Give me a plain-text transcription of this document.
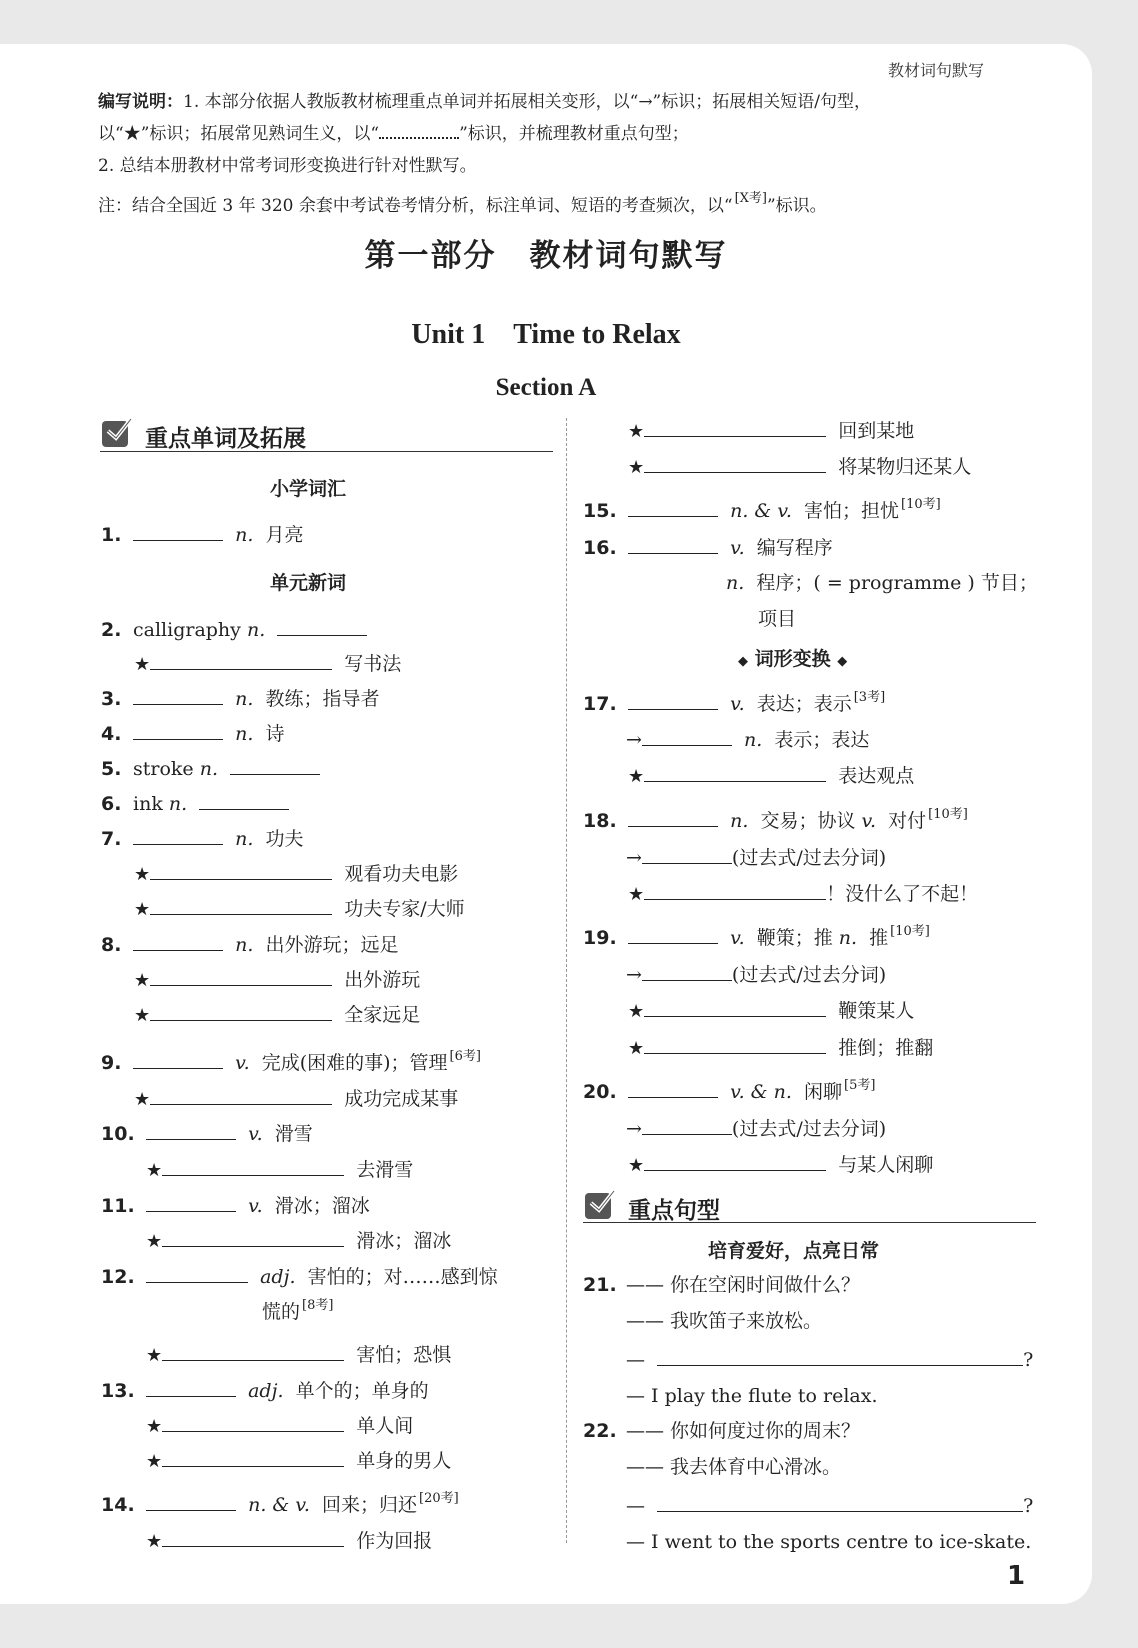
教材词句默写
编写说明：1. 本部分依据人教版教材梳理重点单词并拓展相关变形，以“→”标识；拓展相关短语/句型，
以“★”标识；拓展常见熟词生义，以“	”标识，并梳理教材重点句型；
2. 总结本册教材中常考词形变换进行针对性默写。
注：结合全国近 3 年 320 余套中考试卷考情分析，标注单词、短语的考查频次，以“ [X考]”标识。
第一部分　教材词句默写
Unit 1　Time to Relax
Section A
重点单词及拓展
小学词汇
1.	n. 月亮
单元新词
2. calligraphy n.
★	写书法
3.	n. 教练；指导者
4.	n. 诗
5. stroke n.
6. ink n.
7.	n. 功夫
★	观看功夫电影
★	功夫专家/大师
8.	n. 出外游玩；远足
★	出外游玩
★	全家远足
9.	v. 完成(困难的事)；管理 [6考]
★	成功完成某事
10.	v. 滑雪
★	去滑雪
11.	v. 滑冰；溜冰
★	滑冰；溜冰
12.	adj. 害怕的；对……感到惊
慌的 [8考]
★	害怕；恐惧
13.	adj. 单个的；单身的
★	单人间
★	单身的男人
14.	n. & v. 回来；归还 [20考]
★	作为回报
★	回到某地
★	将某物归还某人
15.	n. & v. 害怕；担忧 [10考]
16.	v. 编写程序
n. 程序；( = programme ) 节目；
项目
◆ 词形变换 ◆
17.	v. 表达；表示 [3考]
→	n. 表示；表达
★	表达观点
18.	n. 交易；协议 v. 对付 [10考]
→	(过去式/过去分词)
★	！没什么了不起！
19.	v. 鞭策；推 n. 推 [10考]
→	(过去式/过去分词)
★	鞭策某人
★	推倒；推翻
20.	v. & n. 闲聊 [5考]
→	(过去式/过去分词)
★	与某人闲聊
重点句型
培育爱好，点亮日常
21. —— 你在空闲时间做什么？
—— 我吹笛子来放松。
—	?
— I play the flute to relax.
22. —— 你如何度过你的周末？
—— 我去体育中心滑冰。
—	?
— I went to the sports centre to ice-skate.
1
